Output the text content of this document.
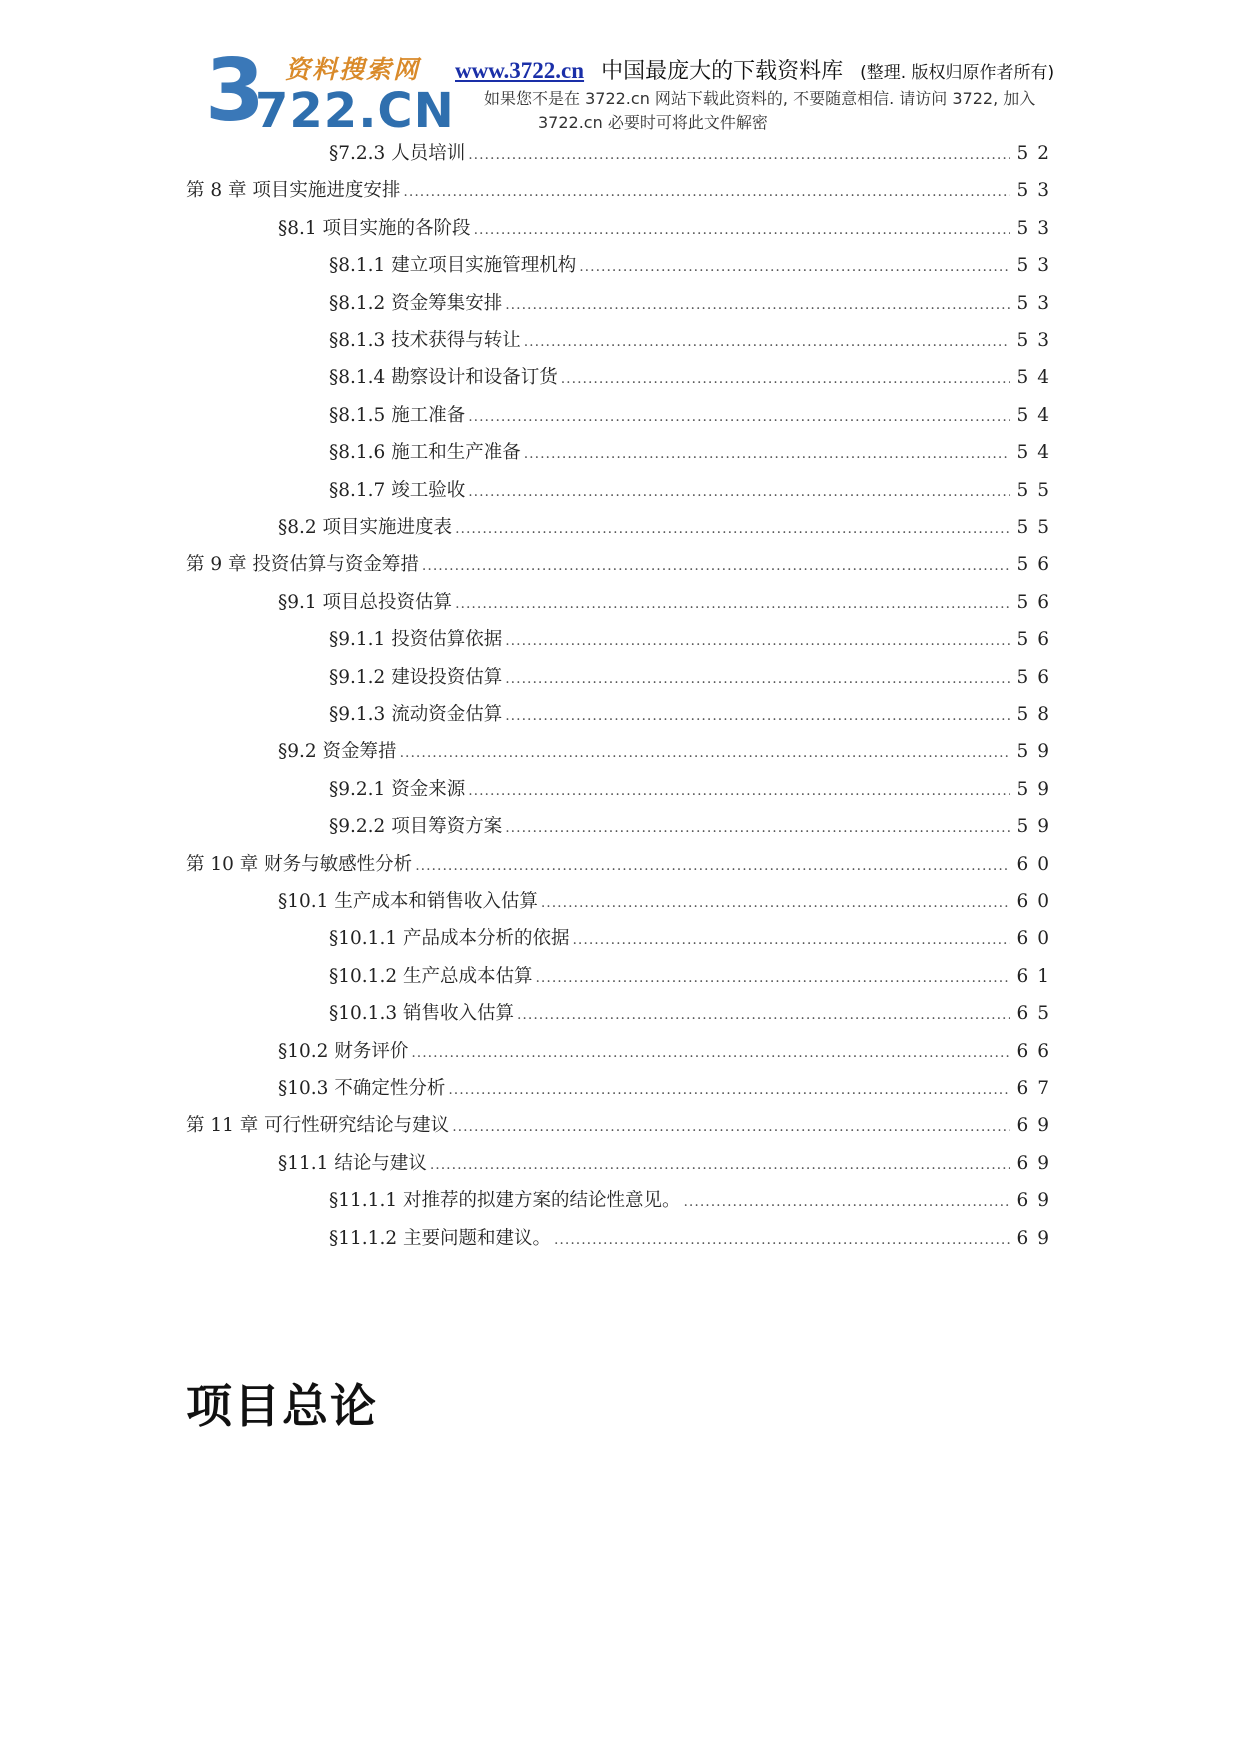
3 资料搜索网
722.CN
www.3722.cn 中国最庞大的下载资料库 (整理. 版权归原作者所有)
如果您不是在 3722.cn 网站下载此资料的, 不要随意相信. 请访问 3722, 加入
3722.cn 必要时可将此文件解密
§7.2.3 人员培训 .....	52
第 8 章 项目实施进度安排 .....	53
§8.1 项目实施的各阶段 .....	53
§8.1.1 建立项目实施管理机构 .....	53
§8.1.2 资金筹集安排 .....	53
§8.1.3 技术获得与转让 .....	53
§8.1.4 勘察设计和设备订货 .....	54
§8.1.5 施工准备 .....	54
§8.1.6 施工和生产准备 .....	54
§8.1.7 竣工验收 .....	55
§8.2 项目实施进度表 .....	55
第 9 章 投资估算与资金筹措 .....	56
§9.1 项目总投资估算 .....	56
§9.1.1 投资估算依据 .....	56
§9.1.2 建设投资估算 .....	56
§9.1.3 流动资金估算 .....	58
§9.2 资金筹措 .....	59
§9.2.1 资金来源 .....	59
§9.2.2 项目筹资方案 .....	59
第 10 章 财务与敏感性分析 .....	60
§10.1 生产成本和销售收入估算 .....	60
§10.1.1 产品成本分析的依据 .....	60
§10.1.2 生产总成本估算 .....	61
§10.1.3 销售收入估算 .....	65
§10.2 财务评价 .....	66
§10.3 不确定性分析 .....	67
第 11 章 可行性研究结论与建议 .....	69
§11.1 结论与建议 .....	69
§11.1.1 对推荐的拟建方案的结论性意见。 .....	69
§11.1.2 主要问题和建议。 .....	69
项目总论
